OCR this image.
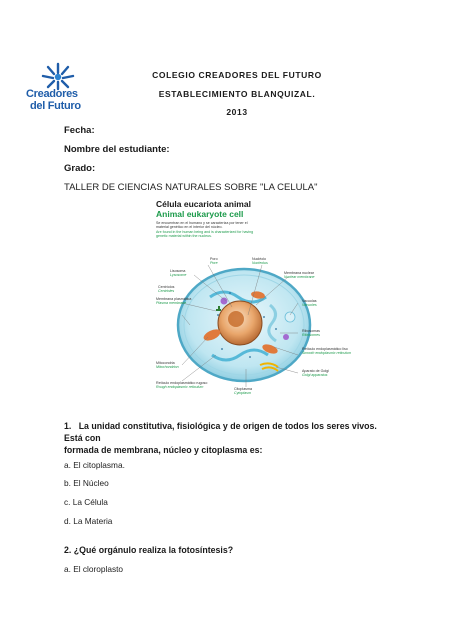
Creadores
del Futuro
COLEGIO CREADORES DEL FUTURO
ESTABLECIMIENTO BLANQUIZAL.
2013
Fecha:
Nombre del estudiante:
Grado:
TALLER DE CIENCIAS NATURALES SOBRE "LA CELULA"
Célula eucariota animal
Animal eukaryote cell
Se encuentran en el humano y se caracteriza por tener el
material genético en el interior del núcleo.
Are found in the human being and is characterized for having
genetic material within the nucleus.
Poro
Pore
Nucléolo
Nucleolus
Lisosoma
Lysosome
Membrana nuclear
Nuclear membrane
Centríolos
Centrioles
Vacuolas
Vacuoles
Membrana plasmática
Plasma membrane
Ribosomas
Ribosomes
Retículo endoplasmático liso
Smooth endoplasmic reticulum
Mitocondria
Mitochondrion
Retículo endoplasmático rugoso
Rough endoplasmic reticulum
Aparato de Golgi
Golgi apparatus
Citoplasma
Cytoplasm
1. La unidad constitutiva, fisiológica y de origen de todos los seres vivos. Está con
formada de membrana, núcleo y citoplasma es:
a. El citoplasma.
b. El Núcleo
c. La Célula
d. La Materia
2. ¿Qué orgánulo realiza la fotosíntesis?
a. El cloroplasto
